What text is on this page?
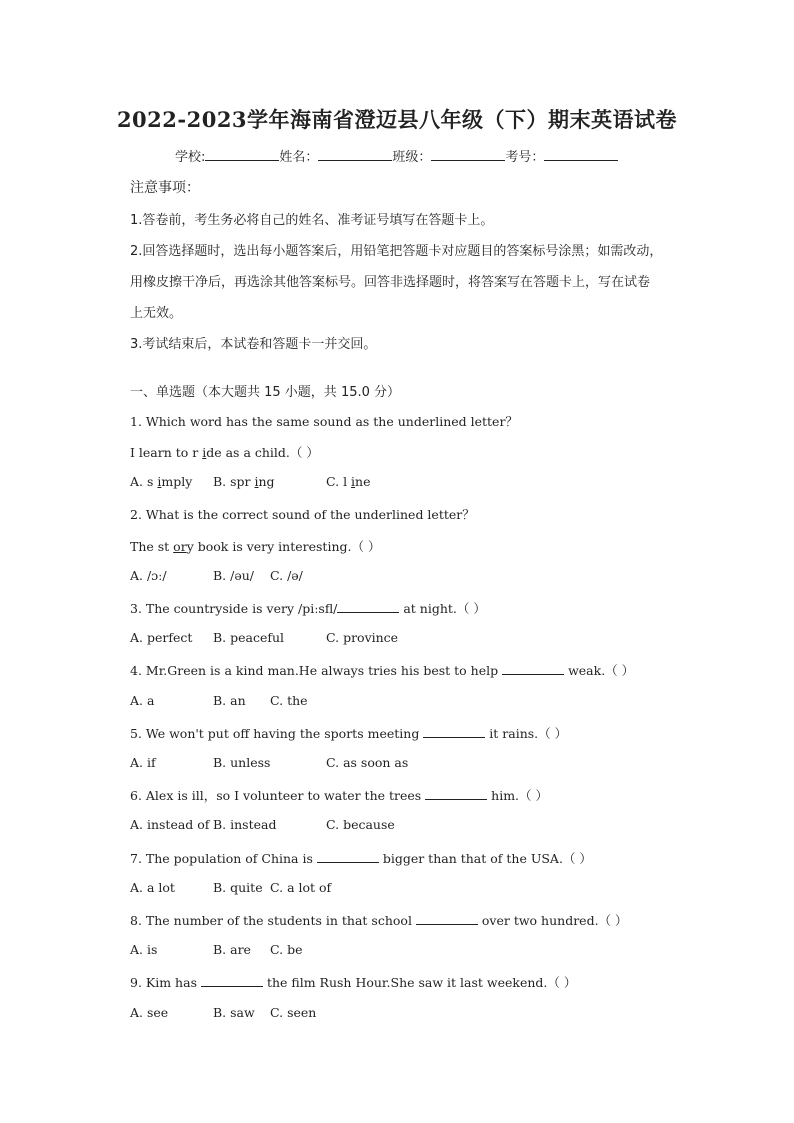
2022-2023学年海南省澄迈县八年级（下）期末英语试卷
学校:	姓名：	班级：	考号：
注意事项：
1.答卷前，考生务必将自己的姓名、准考证号填写在答题卡上。
2.回答选择题时，选出每小题答案后，用铅笔把答题卡对应题目的答案标号涂黑；如需改动，
用橡皮擦干净后，再选涂其他答案标号。回答非选择题时，将答案写在答题卡上，写在试卷
上无效。
3.考试结束后，本试卷和答题卡一并交回。
一、单选题（本大题共 15 小题，共 15.0 分）
1. Which word has the same sound as the underlined letter？
I learn to r ide as a child.（ ）
A. s imply B. spr ing	C. l ine
2. What is the correct sound of the underlined letter？
The st ory book is very interesting.（ ）
A. /ɔː/	B. /əu/ C. /ə/
3. The countryside is very /piːsfl/	at night.（ ）
A. perfect B. peaceful	C. province
4. Mr.Green is a kind man.He always tries his best to help	weak.（ ）
A. a	B. an C. the
5. We won't put off having the sports meeting	it rains.（ ）
A. if	B. unless	C. as soon as
6. Alex is ill，so I volunteer to water the trees	him.（ ）
A. instead of B. instead	C. because
7. The population of China is	bigger than that of the USA.（ ）
A. a lot	B. quite C. a lot of
8. The number of the students in that school	over two hundred.（ ）
A. is	B. are C. be
9. Kim has	the film Rush Hour.She saw it last weekend.（ ）
A. see	B. saw C. seen
